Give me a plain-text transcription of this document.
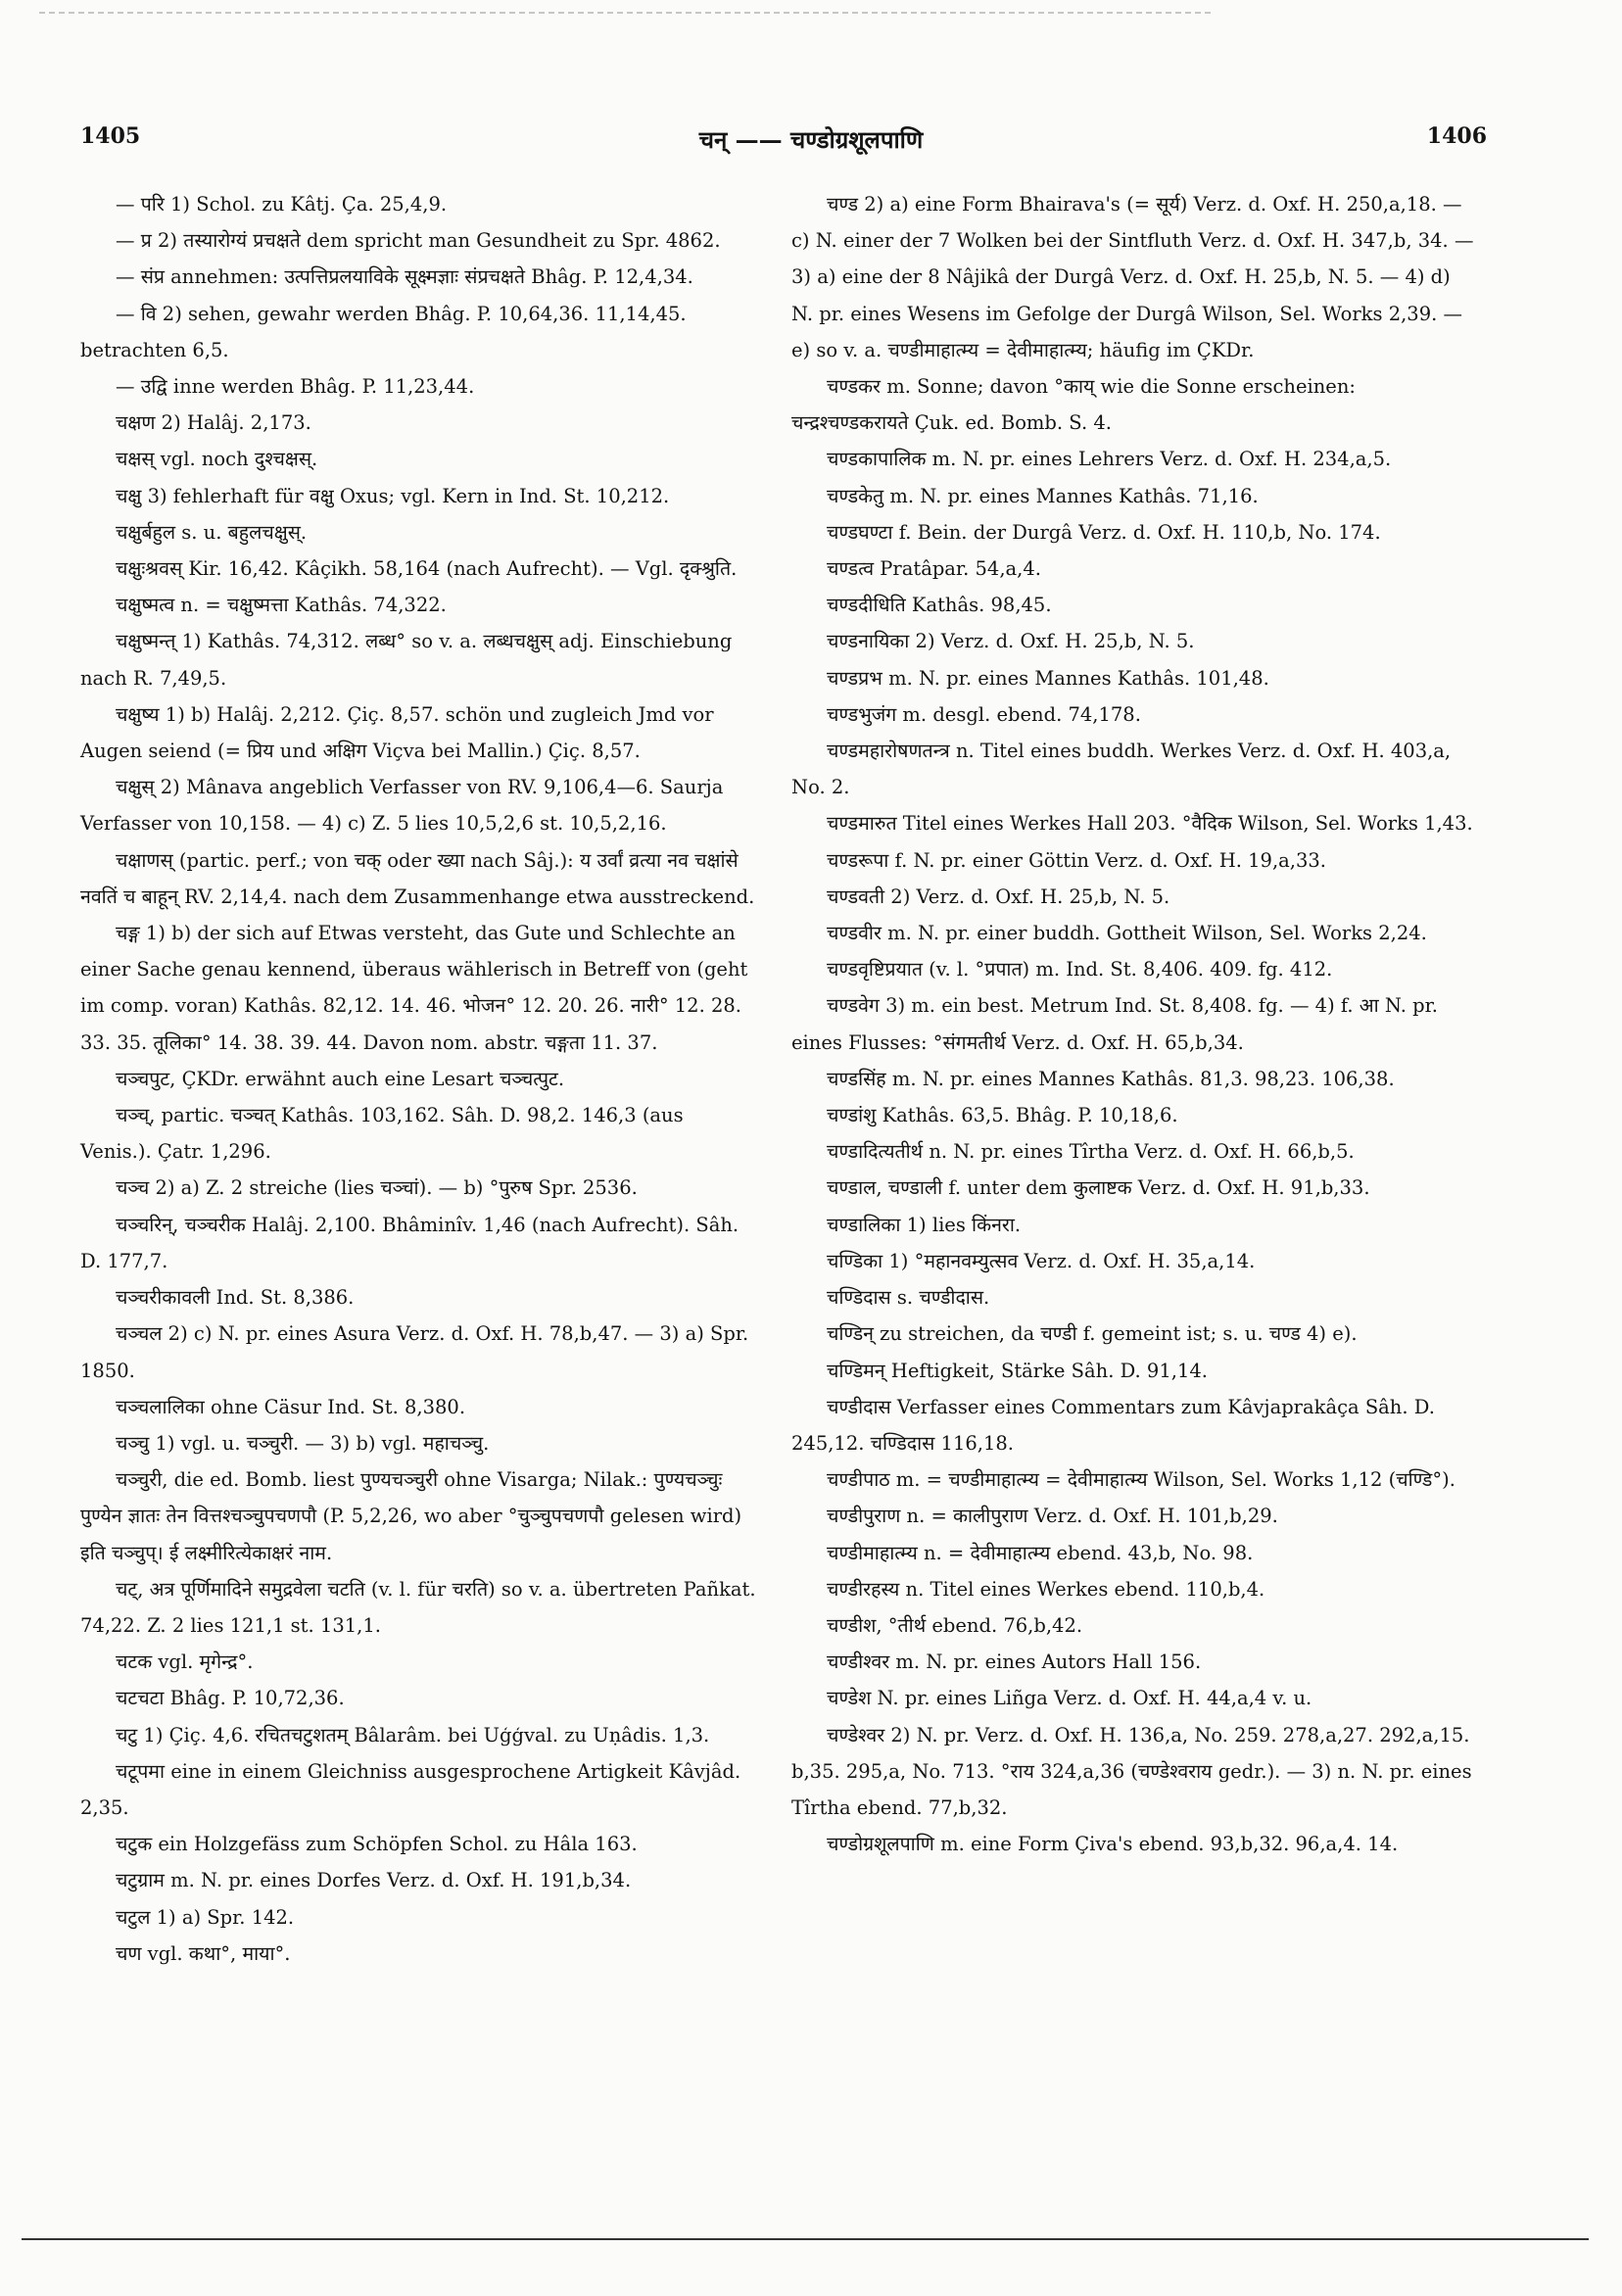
1405	चन् —— चण्डोग्रशूलपाणि	1406

— परि 1) Schol. zu Kâtj. Ça. 25,4,9.

— प्र 2) तस्यारोग्यं प्रचक्षते dem spricht man Gesundheit zu Spr. 4862.

— संप्र annehmen: उत्पत्तिप्रलयाविके सूक्ष्मज्ञाः संप्रचक्षते Bhâg. P. 12,4,34.

— वि 2) sehen, gewahr werden Bhâg. P. 10,64,36. 11,14,45. betrachten 6,5.

— उद्वि inne werden Bhâg. P. 11,23,44.

चक्षण 2) Halâj. 2,173.

चक्षस् vgl. noch दुश्चक्षस्.

चक्षु 3) fehlerhaft für वक्षु Oxus; vgl. Kern in Ind. St. 10,212.

चक्षुर्बहुल s. u. बहुलचक्षुस्.

चक्षुःश्रवस् Kir. 16,42. Kâçikh. 58,164 (nach Aufrecht). — Vgl. दृक्श्रुति.

चक्षुष्मत्व n. = चक्षुष्मत्ता Kathâs. 74,322.

चक्षुष्मन्त् 1) Kathâs. 74,312. लब्ध° so v. a. लब्धचक्षुस् adj. Einschiebung nach R. 7,49,5.

चक्षुष्य 1) b) Halâj. 2,212. Çiç. 8,57. schön und zugleich Jmd vor Augen seiend (= प्रिय und अक्षिग Viçva bei Mallin.) Çiç. 8,57.

चक्षुस् 2) Mânava angeblich Verfasser von RV. 9,106,4—6. Saurja Verfasser von 10,158. — 4) c) Z. 5 lies 10,5,2,6 st. 10,5,2,16.

चक्षाणस् (partic. perf.; von चक् oder ख्या nach Sâj.): य उर्वां व्रत्या नव चक्षांसे नवतिं च बाहून् RV. 2,14,4. nach dem Zusammenhange etwa ausstreckend.

चङ्ग 1) b) der sich auf Etwas versteht, das Gute und Schlechte an einer Sache genau kennend, überaus wählerisch in Betreff von (geht im comp. voran) Kathâs. 82,12. 14. 46. भोजन° 12. 20. 26. नारी° 12. 28. 33. 35. तूलिका° 14. 38. 39. 44. Davon nom. abstr. चङ्गता 11. 37.

चञ्चपुट, ÇKDr. erwähnt auch eine Lesart चञ्चत्पुट.

चञ्च्, partic. चञ्चत् Kathâs. 103,162. Sâh. D. 98,2. 146,3 (aus Venis.). Çatr. 1,296.

चञ्च 2) a) Z. 2 streiche (lies चञ्चां). — b) °पुरुष Spr. 2536.

चञ्चरिन्, चञ्चरीक Halâj. 2,100. Bhâminîv. 1,46 (nach Aufrecht). Sâh. D. 177,7.

चञ्चरीकावली Ind. St. 8,386.

चञ्चल 2) c) N. pr. eines Asura Verz. d. Oxf. H. 78,b,47. — 3) a) Spr. 1850.

चञ्चलालिका ohne Cäsur Ind. St. 8,380.

चञ्चु 1) vgl. u. चञ्चुरी. — 3) b) vgl. महाचञ्चु.

चञ्चुरी, die ed. Bomb. liest पुण्यचञ्चुरी ohne Visarga; Nilak.: पुण्यचञ्चुः पुण्येन ज्ञातः तेन वित्तश्चञ्चुपचणपौ (P. 5,2,26, wo aber °चुञ्चुपचणपौ gelesen wird) इति चञ्चुप्। ई लक्ष्मीरित्येकाक्षरं नाम.

चट्, अत्र पूर्णिमादिने समुद्रवेला चटति (v. l. für चरति) so v. a. übertreten Pañkat. 74,22. Z. 2 lies 121,1 st. 131,1.

चटक vgl. मृगेन्द्र°.

चटचटा Bhâg. P. 10,72,36.

चटु 1) Çiç. 4,6. रचितचटुशतम् Bâlarâm. bei Uģģval. zu Uṇâdis. 1,3.

चटूपमा eine in einem Gleichniss ausgesprochene Artigkeit Kâvjâd. 2,35.

चटुक ein Holzgefäss zum Schöpfen Schol. zu Hâla 163.

चटुग्राम m. N. pr. eines Dorfes Verz. d. Oxf. H. 191,b,34.

चटुल 1) a) Spr. 142.

चण vgl. कथा°, माया°.

चण्ड 2) a) eine Form Bhairava's (= सूर्य) Verz. d. Oxf. H. 250,a,18. — c) N. einer der 7 Wolken bei der Sintfluth Verz. d. Oxf. H. 347,b, 34. — 3) a) eine der 8 Nâjikâ der Durgâ Verz. d. Oxf. H. 25,b, N. 5. — 4) d) N. pr. eines Wesens im Gefolge der Durgâ Wilson, Sel. Works 2,39. — e) so v. a. चण्डीमाहात्म्य = देवीमाहात्म्य; häufig im ÇKDr.

चण्डकर m. Sonne; davon °काय् wie die Sonne erscheinen: चन्द्रश्चण्डकरायते Çuk. ed. Bomb. S. 4.

चण्डकापालिक m. N. pr. eines Lehrers Verz. d. Oxf. H. 234,a,5.

चण्डकेतु m. N. pr. eines Mannes Kathâs. 71,16.

चण्डघण्टा f. Bein. der Durgâ Verz. d. Oxf. H. 110,b, No. 174.

चण्डत्व Pratâpar. 54,a,4.

चण्डदीधिति Kathâs. 98,45.

चण्डनायिका 2) Verz. d. Oxf. H. 25,b, N. 5.

चण्डप्रभ m. N. pr. eines Mannes Kathâs. 101,48.

चण्डभुजंग m. desgl. ebend. 74,178.

चण्डमहारोषणतन्त्र n. Titel eines buddh. Werkes Verz. d. Oxf. H. 403,a, No. 2.

चण्डमारुत Titel eines Werkes Hall 203. °वैदिक Wilson, Sel. Works 1,43.

चण्डरूपा f. N. pr. einer Göttin Verz. d. Oxf. H. 19,a,33.

चण्डवती 2) Verz. d. Oxf. H. 25,b, N. 5.

चण्डवीर m. N. pr. einer buddh. Gottheit Wilson, Sel. Works 2,24.

चण्डवृष्टिप्रयात (v. l. °प्रपात) m. Ind. St. 8,406. 409. fg. 412.

चण्डवेग 3) m. ein best. Metrum Ind. St. 8,408. fg. — 4) f. आ N. pr. eines Flusses: °संगमतीर्थ Verz. d. Oxf. H. 65,b,34.

चण्डसिंह m. N. pr. eines Mannes Kathâs. 81,3. 98,23. 106,38.

चण्डांशु Kathâs. 63,5. Bhâg. P. 10,18,6.

चण्डादित्यतीर्थ n. N. pr. eines Tîrtha Verz. d. Oxf. H. 66,b,5.

चण्डाल, चण्डाली f. unter dem कुलाष्टक Verz. d. Oxf. H. 91,b,33.

चण्डालिका 1) lies किंनरा.

चण्डिका 1) °महानवम्युत्सव Verz. d. Oxf. H. 35,a,14.

चण्डिदास s. चण्डीदास.

चण्डिन् zu streichen, da चण्डी f. gemeint ist; s. u. चण्ड 4) e).

चण्डिमन् Heftigkeit, Stärke Sâh. D. 91,14.

चण्डीदास Verfasser eines Commentars zum Kâvjaprakâça Sâh. D. 245,12. चण्डिदास 116,18.

चण्डीपाठ m. = चण्डीमाहात्म्य = देवीमाहात्म्य Wilson, Sel. Works 1,12 (चण्डि°).

चण्डीपुराण n. = कालीपुराण Verz. d. Oxf. H. 101,b,29.

चण्डीमाहात्म्य n. = देवीमाहात्म्य ebend. 43,b, No. 98.

चण्डीरहस्य n. Titel eines Werkes ebend. 110,b,4.

चण्डीश, °तीर्थ ebend. 76,b,42.

चण्डीश्वर m. N. pr. eines Autors Hall 156.

चण्डेश N. pr. eines Liñga Verz. d. Oxf. H. 44,a,4 v. u.

चण्डेश्वर 2) N. pr. Verz. d. Oxf. H. 136,a, No. 259. 278,a,27. 292,a,15. b,35. 295,a, No. 713. °राय 324,a,36 (चण्डेश्वराय gedr.). — 3) n. N. pr. eines Tîrtha ebend. 77,b,32.

चण्डोग्रशूलपाणि m. eine Form Çiva's ebend. 93,b,32. 96,a,4. 14.
